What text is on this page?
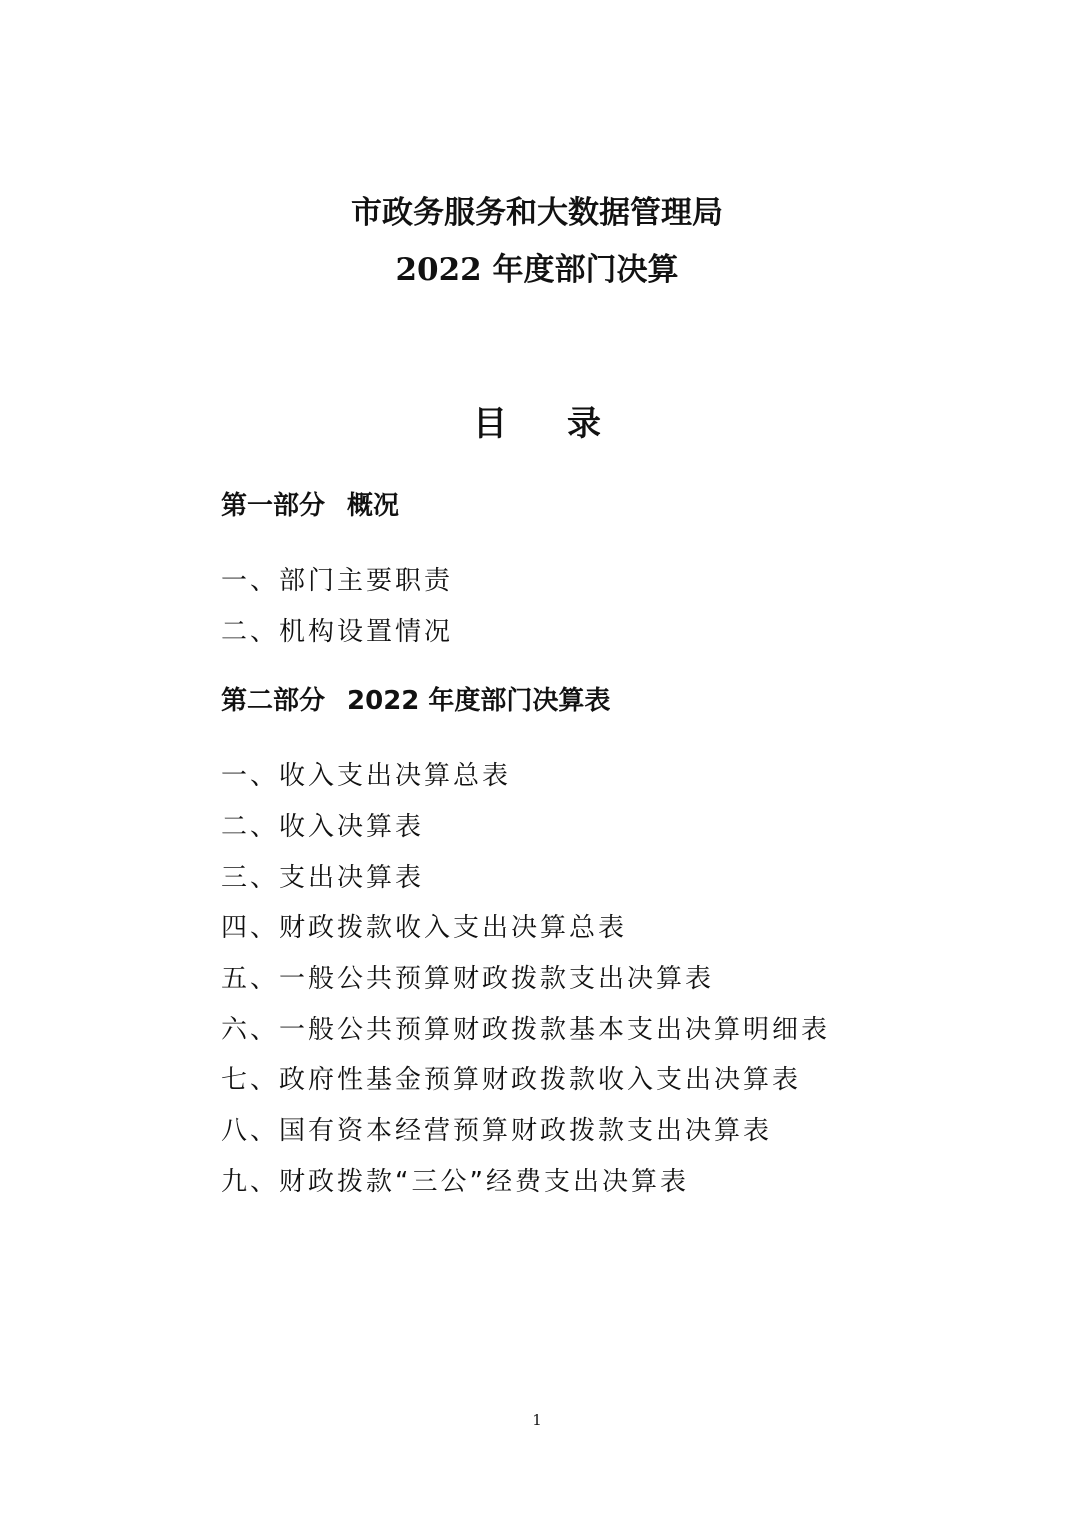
市政务服务和大数据管理局
2022 年度部门决算
目录
第一部分 概况
一、部门主要职责
二、机构设置情况
第二部分 2022 年度部门决算表
一、收入支出决算总表
二、收入决算表
三、支出决算表
四、财政拨款收入支出决算总表
五、一般公共预算财政拨款支出决算表
六、一般公共预算财政拨款基本支出决算明细表
七、政府性基金预算财政拨款收入支出决算表
八、国有资本经营预算财政拨款支出决算表
九、财政拨款“三公”经费支出决算表
1
